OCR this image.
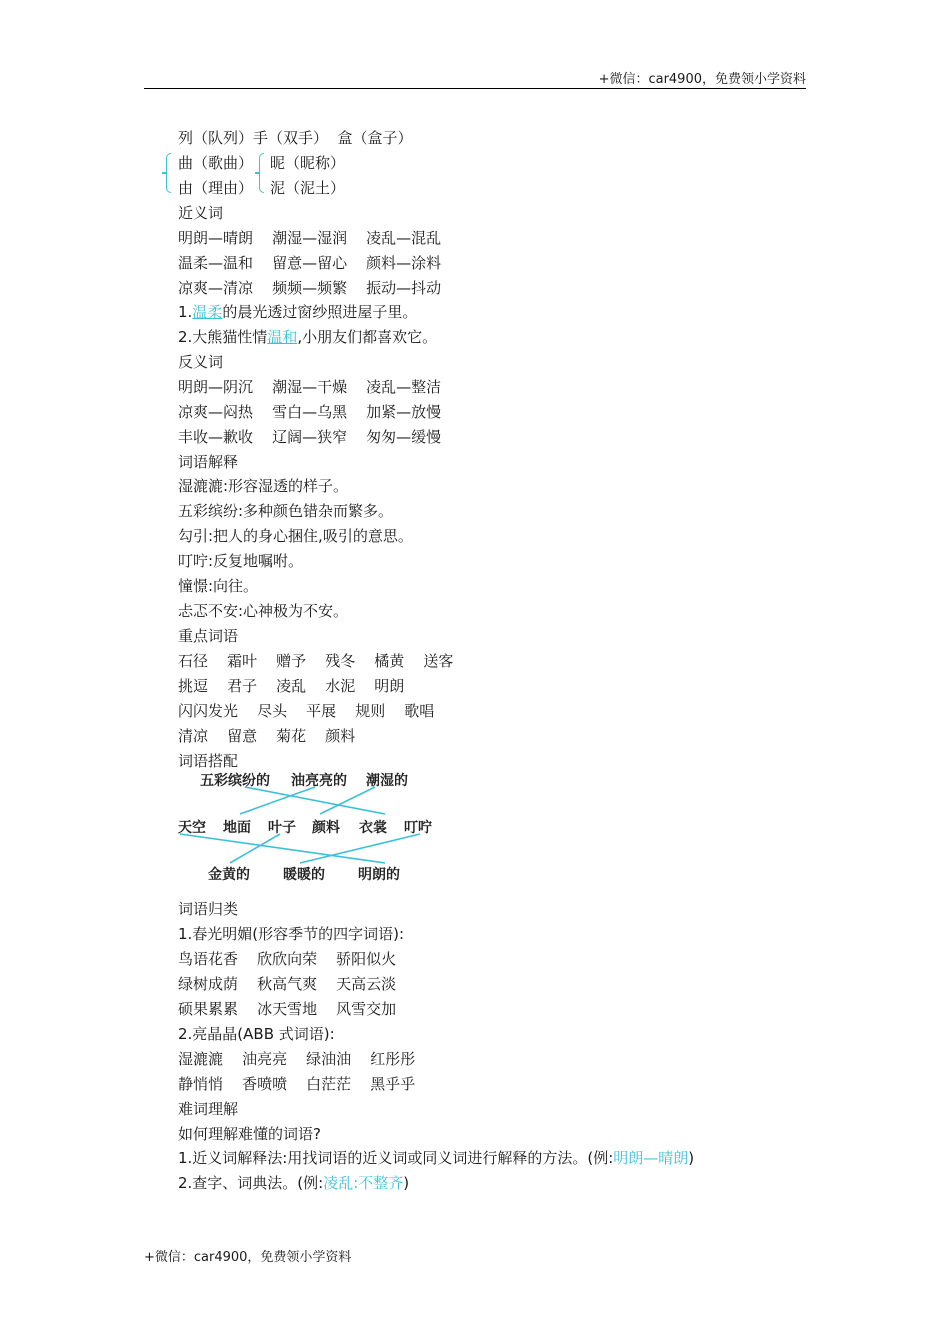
+微信：car4900，免费领小学资料
列（队列）手（双手）  盒（盒子）
曲（歌曲）
由（理由）
昵（昵称）
泥（泥土）
近义词
明朗—晴朗    潮湿—湿润    凌乱—混乱
温柔—温和    留意—留心    颜料—涂料
凉爽—清凉    频频—频繁    振动—抖动
1.温柔的晨光透过窗纱照进屋子里。
2.大熊猫性情温和,小朋友们都喜欢它。
反义词
明朗—阴沉    潮湿—干燥    凌乱—整洁
凉爽—闷热    雪白—乌黑    加紧—放慢
丰收—歉收    辽阔—狭窄    匆匆—缓慢
词语解释
湿漉漉:形容湿透的样子。
五彩缤纷:多种颜色错杂而繁多。
勾引:把人的身心捆住,吸引的意思。
叮咛:反复地嘱咐。
憧憬:向往。
忐忑不安:心神极为不安。
重点词语
石径    霜叶    赠予    残冬    橘黄    送客
挑逗    君子    凌乱    水泥    明朗
闪闪发光    尽头    平展    规则    歌唱
清凉    留意    菊花    颜料
词语搭配
五彩缤纷的 油亮亮的 潮湿的
天空 地面 叶子 颜料 衣裳 叮咛
金黄的 暖暖的 明朗的
词语归类
1.春光明媚(形容季节的四字词语):
鸟语花香    欣欣向荣    骄阳似火
绿树成荫    秋高气爽    天高云淡
硕果累累    冰天雪地    风雪交加
2.亮晶晶(ABB 式词语):
湿漉漉    油亮亮    绿油油    红彤彤
静悄悄    香喷喷    白茫茫    黑乎乎
难词理解
如何理解难懂的词语?
1.近义词解释法:用找词语的近义词或同义词进行解释的方法。(例:明朗—晴朗)
2.查字、词典法。(例:凌乱:不整齐)
+微信：car4900，免费领小学资料
